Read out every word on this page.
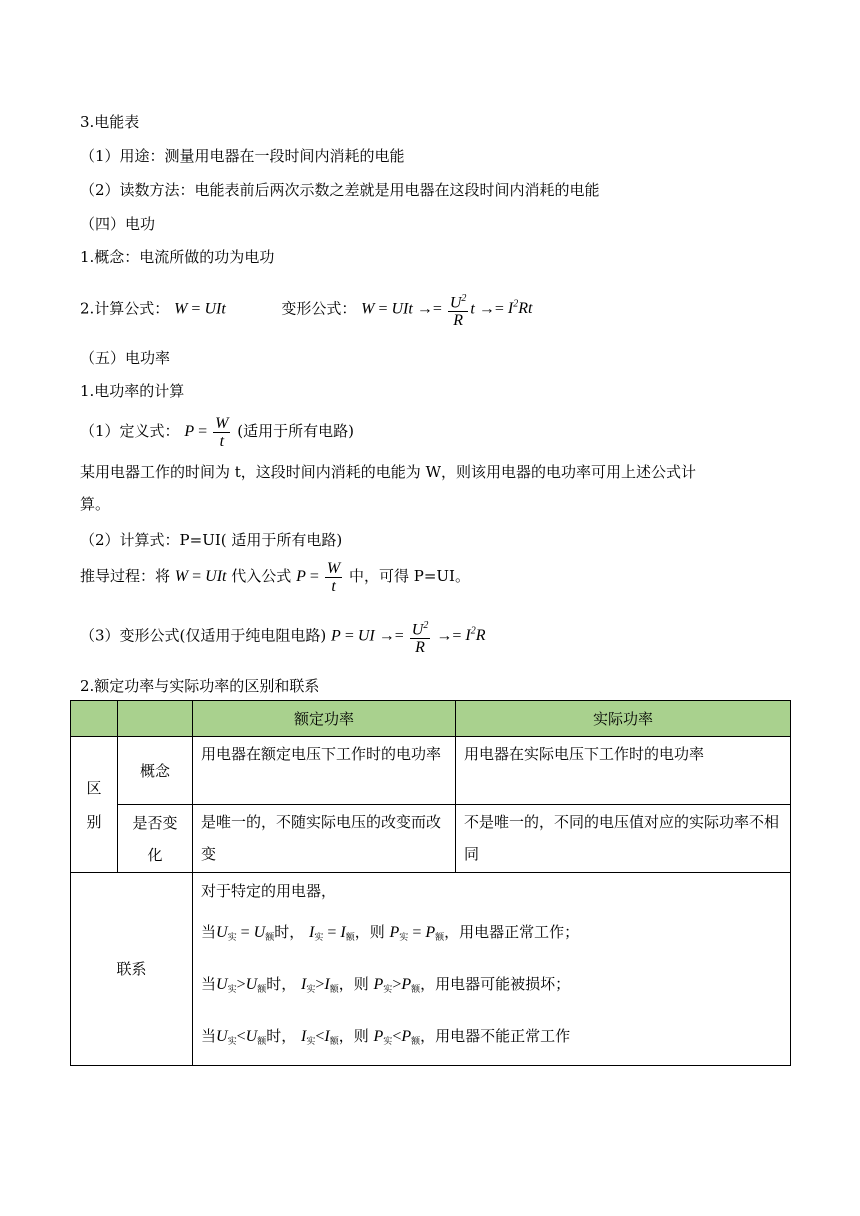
3.电能表
（1）用途：测量用电器在一段时间内消耗的电能
（2）读数方法：电能表前后两次示数之差就是用电器在这段时间内消耗的电能
（四）电功
1.概念：电流所做的功为电功
2.计算公式： W = UIt	变形公式： W = UIt →= $\frac{U^2}{R}$ $t \to= I^2Rt$
（五）电功率
1.电功率的计算
（1）定义式： $P = \frac{W}{t}$ (适用于所有电路)
某用电器工作的时间为 t，这段时间内消耗的电能为 W，则该用电器的电功率可用上述公式计
算。
（2）计算式：P=UI( 适用于所有电路)
推导过程：将 W = UIt 代入公式 $P = \frac{W}{t}$ 中，可得 P=UI。
（3）变形公式(仅适用于纯电阻电路) P = UI →= $\frac{U^2}{R} \to= I^2R$
2.额定功率与实际功率的区别和联系
		额定功率	实际功率
区别	概念	用电器在额定电压下工作时的电功率	用电器在实际电压下工作时的电功率
	是否变化	是唯一的，不随实际电压的改变而改变	不是唯一的，不同的电压值对应的实际功率不相同
联系		对于特定的用电器，

当$U_实 = U_额$时， $I_实 = I_额$，则 $P_实 = P_额$，用电器正常工作；

当$U_实>U_额$时， $I_实>I_额$，则 $P_实>P_额$，用电器可能被损坏；

当$U_实<U_额$时， $I_实<I_额$，则 $P_实<P_额$，用电器不能正常工作	
